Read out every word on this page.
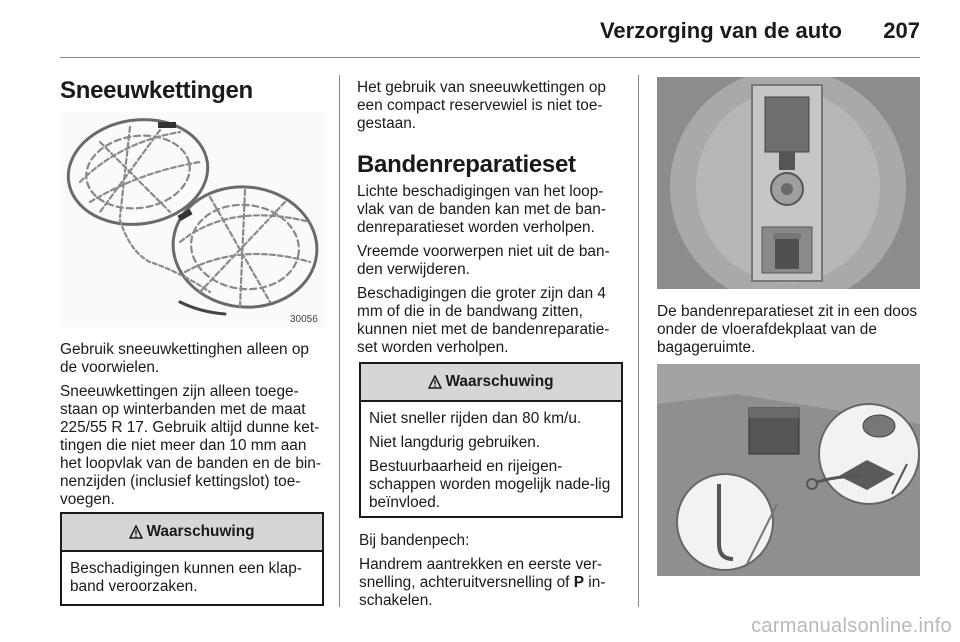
Verzorging van de auto 207
Sneeuwkettingen
30056

Gebruik sneeuwkettinghen alleen op de voorwielen.

Sneeuwkettingen zijn alleen toege-staan op winterbanden met de maat 225/55 R 17. Gebruik altijd dunne ket-tingen die niet meer dan 10 mm aan het loopvlak van de banden en de bin-nenzijden (inclusief kettingslot) toe-voegen.

Waarschuwing

Beschadigingen kunnen een klap-band veroorzaken.

Het gebruik van sneeuwkettingen op een compact reservewiel is niet toe-gestaan.

Bandenreparatieset

Lichte beschadigingen van het loop-vlak van de banden kan met de ban-denreparatieset worden verholpen.

Vreemde voorwerpen niet uit de ban-den verwijderen.

Beschadigingen die groter zijn dan 4 mm of die in de bandwang zitten, kunnen niet met de bandenreparatie-set worden verholpen.

Waarschuwing

Niet sneller rijden dan 80 km/u.

Niet langdurig gebruiken.

Bestuurbaarheid en rijeigen-schappen worden mogelijk nade-lig beïnvloed.

Bij bandenpech:

Handrem aantrekken en eerste ver-snelling, achteruitversnelling of P in-schakelen.

De bandenreparatieset zit in een doos onder de vloerafdekplaat van de bagageruimte.

carmanualsonline.info
